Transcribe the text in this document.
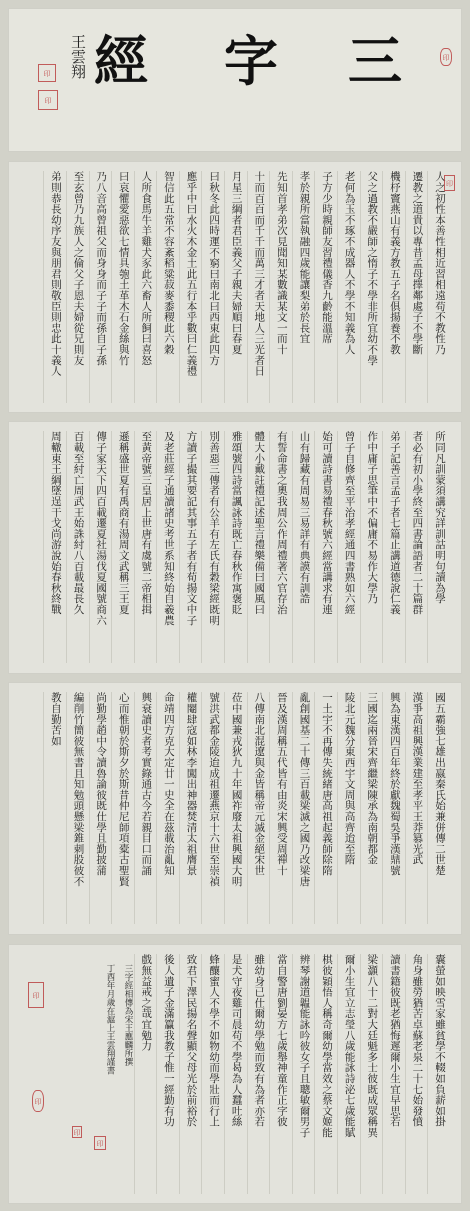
王雲翔
印
印
經 字 三	印
人之初性本善性相近習相遠苟不教性乃
遷教之道貴以專昔孟母擇鄰處子不學斷
機杼竇燕山有義方教五子名俱揚養不教
父之過教不嚴師之惰子不學非所宜幼不學
老何為玉不琢不成器人不學不知義為人
子方少時親師友習禮儀香九齡能溫席
孝於親所當執融四歲能讓梨弟於長宜
先知首孝弟次見聞知某數識某文一而十
十而百百而千千而萬三才者天地人三光者日
月星三綱者君臣義父子親夫婦順曰春夏
曰秋冬此四時運不窮曰南北曰西東此四方
應乎中曰水火木金土此五行本乎數曰仁義禮
智信此五常不容紊稻粱菽麥黍稷此六穀
人所食馬牛羊雞犬豕此六畜人所飼曰喜怒
曰哀懼愛惡欲七情具匏土革木石金絲與竹
乃八音高曾祖父而身身而子子而孫自子孫
至玄曾乃九族人之倫父子恩夫婦從兄則友
弟則恭長幼序友與朋君則敬臣則忠此十義人	印
所同凡訓蒙須講究詳訓詁明句讀為學
者必有初小學終至四書論語者二十篇群
弟子記善言孟子者七篇止講道德說仁義
作中庸子思筆中不偏庸不易作大學乃
曾子自修齊至平治孝經通四書熟如六經
始可讀詩書易禮春秋號六經當講求有連
山有歸藏有周易三易詳有典謨有訓誥
有誓命書之奧我周公作周禮著六官存治
體大小戴註禮記述聖言禮樂備曰國風曰
雅頌號四詩當諷詠詩既亡春秋作寓褒貶
別善惡三傳者有公羊有左氏有穀梁經既明
方讀子撮其要記其事五子者有荀揚文中子
及老莊經子通讀諸史考世系知終始自羲農
至黃帝號三皇居上世唐有虞號二帝相揖
遜稱盛世夏有禹商有湯周文武稱三王夏
傳子家天下四百載遷夏社湯伐夏國號商六
百載至紂亡周武王始誅紂八百載最長久
周轍東王綱墜逞干戈尚游說始春秋終戰
國五霸強七雄出嬴秦氏始兼併傳二世楚
漢爭高祖興漢業建至孝平王莽篡光武
興為東漢四百年終於獻魏蜀吳爭漢鼎號
三國迄兩晉宋齊繼梁陳承為南朝都金
陵北元魏分東西宇文周與高齊迨至隋
一土宇不再傳失統緒唐高祖起義師除隋
亂創國基二十傳三百載梁滅之國乃改梁唐
晉及漢周稱五代皆有由炎宋興受周禪十
八傳南北混遼與金皆稱帝元滅金絕宋世
莅中國兼戎狄九十年國祚廢太祖興國大明
號洪武都金陵迨成祖遷燕京十六世至崇禎
權閹肆寇如林李闖出神器焚清太祖膺景
命靖四方克大定廿一史全在茲載治亂知
興衰讀史者考實錄通古今若親目口而誦
心而惟朝於斯夕於斯昔仲尼師項橐古聖賢
尚勤學趙中令讀魯論彼既仕學且勤披蒲
編削竹簡彼無書且知勉頭懸梁錐刺股彼不
教自勤苦如
囊螢如映雪家雖貧學不輟如負薪如掛
角身雖勞猶苦卓蘇老泉二十七始發憤
讀書籍彼既老猶悔遲爾小生宜早思若
梁灝八十二對大廷魁多士彼既成眾稱異
爾小生宜立志瑩八歲能詠詩泌七歲能賦
棋彼穎悟人稱奇爾幼學當效之蔡文姬能
辨琴謝道韞能詠吟彼女子且聰敏爾男子
當自警唐劉晏方七歲舉神童作正字彼
雖幼身已仕爾幼學勉而致有為者亦若
是犬守夜雞司晨苟不學曷為人蠶吐絲
蜂釀蜜人不學不如物幼而學壯而行上
致君下澤民揚名聲顯父母光於前裕於
後人遺子金滿籯我教子惟一經勤有功
戲無益戒之哉宜勉力
三字經相傳為宋王應麟所撰
丁酉年月歲在滬上王雲翔謹書
印
印
印
印
